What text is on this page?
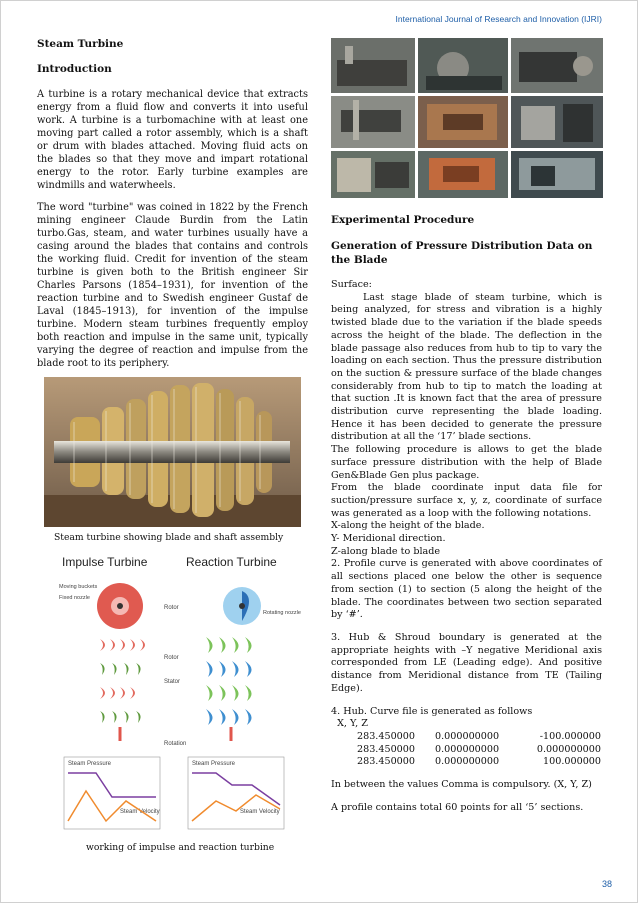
International Journal of Research and Innovation (IJRI)

Steam Turbine

Introduction

A turbine is a rotary mechanical device that extracts energy from a fluid flow and converts it into useful work. A turbine is a turbomachine with at least one moving part called a rotor assembly, which is a shaft or drum with blades attached. Moving fluid acts on the blades so that they move and impart rotational energy to the rotor. Early turbine examples are windmills and waterwheels.

The word "turbine" was coined in 1822 by the French mining engineer Claude Burdin from the Latin turbo.Gas, steam, and water turbines usually have a casing around the blades that contains and controls the working fluid. Credit for invention of the steam turbine is given both to the British engineer Sir Charles Parsons (1854–1931), for invention of the reaction turbine and to Swedish engineer Gustaf de Laval (1845–1913), for invention of the impulse turbine. Modern steam turbines frequently employ both reaction and impulse in the same unit, typically varying the degree of reaction and impulse from the blade root to its periphery.

Steam turbine showing blade and shaft assembly
Impulse Turbine	Reaction Turbine
Moving buckets
Fixed nozzle
Rotor
Rotating nozzle
Rotor
Stator
Rotation
Steam Pressure	Steam Pressure
Steam Velocity	Steam Velocity
working of impulse and reaction turbine

Experimental Procedure

Generation of Pressure Distribution Data on the Blade

Surface:

Last stage blade of steam turbine, which is being analyzed, for stress and vibration is a highly twisted blade due to the variation if the blade speeds across the height of the blade. The deflection in the blade passage also reduces from hub to tip to vary the loading on each section. Thus the pressure distribution on the suction & pressure surface of the blade changes considerably from hub to tip to match the loading at that suction .It is known fact that the area of pressure distribution curve representing the blade loading. Hence it has been decided to generate the pressure distribution at all the ‘17’ blade sections.

The following procedure is allows to get the blade surface pressure distribution with the help of Blade Gen&Blade Gen plus package.

From the blade coordinate input data file for suction/pressure surface x, y, z, coordinate of surface was generated as a loop with the following notations.

X-along the height of the blade.

Y- Meridional direction.

Z-along blade to blade

2. Profile curve is generated with above coordinates of all sections placed one below the other is sequence from section (1) to section (5 along the height of the blade. The coordinates between two section separated by ‘#’.

3. Hub & Shroud boundary is generated at the appropriate heights with –Y negative Meridional axis corresponded from LE (Leading edge). And positive distance from Meridional distance from TE (Tailing Edge).

4. Hub. Curve file is generated as follows

X, Y, Z

283.450000	0.000000000	-100.000000
283.450000	0.000000000	0.000000000
283.450000	0.000000000	100.000000

In between the values Comma is compulsory. (X, Y, Z)

A profile contains total 60 points for all ‘5’ sections.

38
